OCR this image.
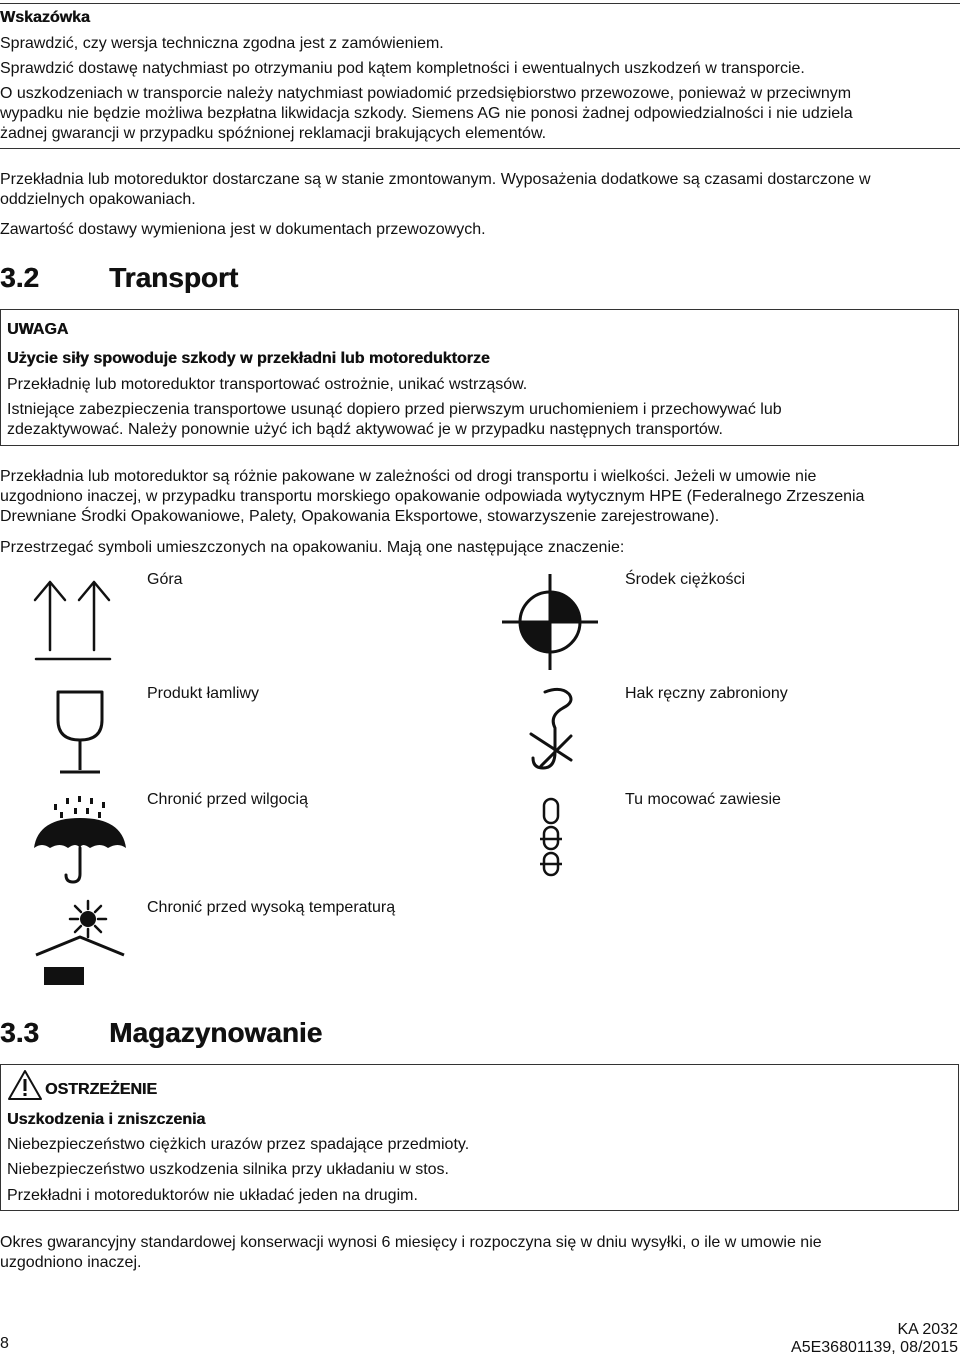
Wskazówka
Sprawdzić, czy wersja techniczna zgodna jest z zamówieniem.
Sprawdzić dostawę natychmiast po otrzymaniu pod kątem kompletności i ewentualnych uszkodzeń w transporcie.
O uszkodzeniach w transporcie należy natychmiast powiadomić przedsiębiorstwo przewozowe, ponieważ w przeciwnym
wypadku nie będzie możliwa bezpłatna likwidacja szkody. Siemens AG nie ponosi żadnej odpowiedzialności i nie udziela
żadnej gwarancji w przypadku spóźnionej reklamacji brakujących elementów.
Przekładnia lub motoreduktor dostarczane są w stanie zmontowanym. Wyposażenia dodatkowe są czasami dostarczone w
oddzielnych opakowaniach.
Zawartość dostawy wymieniona jest w dokumentach przewozowych.
3.2	Transport
UWAGA
Użycie siły spowoduje szkody w przekładni lub motoreduktorze
Przekładnię lub motoreduktor transportować ostrożnie, unikać wstrząsów.
Istniejące zabezpieczenia transportowe usunąć dopiero przed pierwszym uruchomieniem i przechowywać lub
zdezaktywować. Należy ponownie użyć ich bądź aktywować je w przypadku następnych transportów.
Przekładnia lub motoreduktor są różnie pakowane w zależności od drogi transportu i wielkości. Jeżeli w umowie nie
uzgodniono inaczej, w przypadku transportu morskiego opakowanie odpowiada wytycznym HPE (Federalnego Zrzeszenia
Drewniane Środki Opakowaniowe, Palety, Opakowania Eksportowe, stowarzyszenie zarejestrowane).
Przestrzegać symboli umieszczonych na opakowaniu. Mają one następujące znaczenie:
Góra	Środek ciężkości
Produkt łamliwy	Hak ręczny zabroniony
Chronić przed wilgocią	Tu mocować zawiesie
Chronić przed wysoką temperaturą
3.3	Magazynowanie
OSTRZEŻENIE
Uszkodzenia i zniszczenia
Niebezpieczeństwo ciężkich urazów przez spadające przedmioty.
Niebezpieczeństwo uszkodzenia silnika przy układaniu w stos.
Przekładni i motoreduktorów nie układać jeden na drugim.
Okres gwarancyjny standardowej konserwacji wynosi 6 miesięcy i rozpoczyna się w dniu wysyłki, o ile w umowie nie
uzgodniono inaczej.
8
KA 2032
A5E36801139, 08/2015
